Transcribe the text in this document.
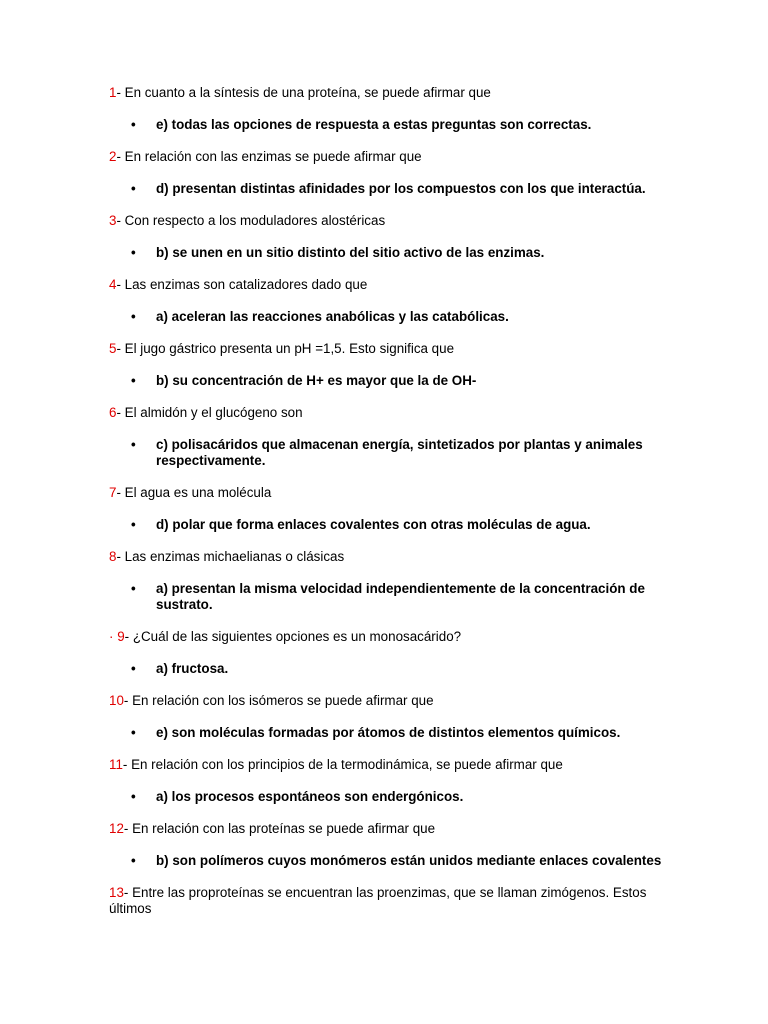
1- En cuanto a la síntesis de una proteína, se puede afirmar que

•	e) todas las opciones de respuesta a estas preguntas son correctas.

2- En relación con las enzimas se puede afirmar que

•	d) presentan distintas afinidades por los compuestos con los que interactúa.

3- Con respecto a los moduladores alostéricas

•	b) se unen en un sitio distinto del sitio activo de las enzimas.

4- Las enzimas son catalizadores dado que

•	a) aceleran las reacciones anabólicas y las catabólicas.

5- El jugo gástrico presenta un pH =1,5. Esto significa que

•	b) su concentración de H+ es mayor que la de OH-

6- El almidón y el glucógeno son

•	c) polisacáridos que almacenan energía, sintetizados por plantas y animales respectivamente.

7- El agua es una molécula

•	d) polar que forma enlaces covalentes con otras moléculas de agua.

8- Las enzimas michaelianas o clásicas

•	a) presentan la misma velocidad independientemente de la concentración de sustrato.

· 9- ¿Cuál de las siguientes opciones es un monosacárido?

•	a) fructosa.

10- En relación con los isómeros se puede afirmar que

•	e) son moléculas formadas por átomos de distintos elementos químicos.

11- En relación con los principios de la termodinámica, se puede afirmar que

•	a) los procesos espontáneos son endergónicos.

12- En relación con las proteínas se puede afirmar que

•	b) son polímeros cuyos monómeros están unidos mediante enlaces covalentes

13- Entre las proproteínas se encuentran las proenzimas, que se llaman zimógenos. Estos últimos
